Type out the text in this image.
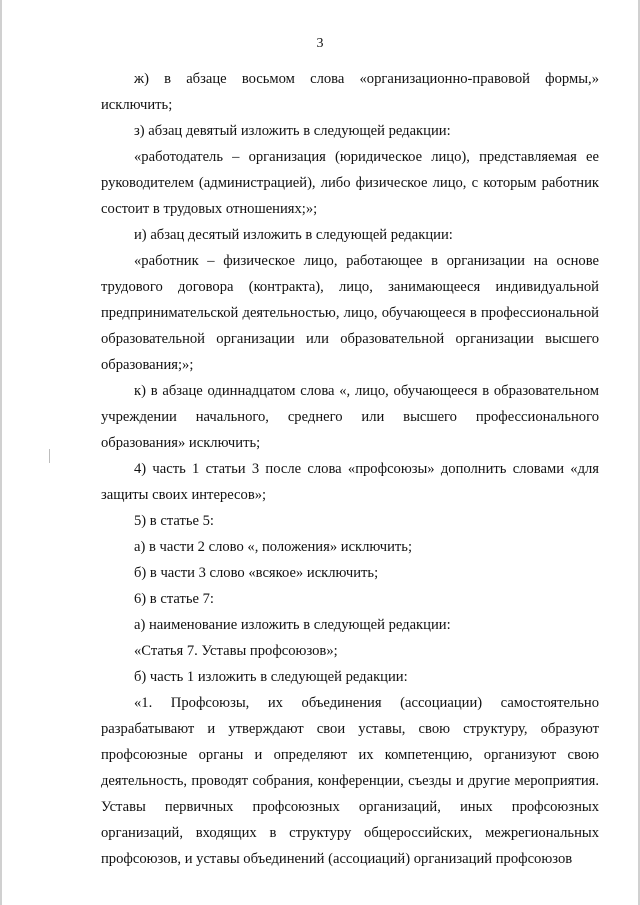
3

ж) в абзаце восьмом слова «организационно-правовой формы,» исключить;

з) абзац девятый изложить в следующей редакции:

«работодатель – организация (юридическое лицо), представляемая ее руководителем (администрацией), либо физическое лицо, с которым работник состоит в трудовых отношениях;»;

и) абзац десятый изложить в следующей редакции:

«работник – физическое лицо, работающее в организации на основе трудового договора (контракта), лицо, занимающееся индивидуальной предпринимательской деятельностью, лицо, обучающееся в профессиональной образовательной организации или образовательной организации высшего образования;»;

к) в абзаце одиннадцатом слова «, лицо, обучающееся в образовательном учреждении начального, среднего или высшего профессионального образования» исключить;

4) часть 1 статьи 3 после слова «профсоюзы» дополнить словами «для защиты своих интересов»;

5) в статье 5:

а) в части 2 слово «, положения» исключить;

б) в части 3 слово «всякое» исключить;

6) в статье 7:

а) наименование изложить в следующей редакции:

«Статья 7. Уставы профсоюзов»;

б) часть 1 изложить в следующей редакции:

«1. Профсоюзы, их объединения (ассоциации) самостоятельно разрабатывают и утверждают свои уставы, свою структуру, образуют профсоюзные органы и определяют их компетенцию, организуют свою деятельность, проводят собрания, конференции, съезды и другие мероприятия. Уставы первичных профсоюзных организаций, иных профсоюзных организаций, входящих в структуру общероссийских, межрегиональных профсоюзов, и уставы объединений (ассоциаций) организаций профсоюзов
